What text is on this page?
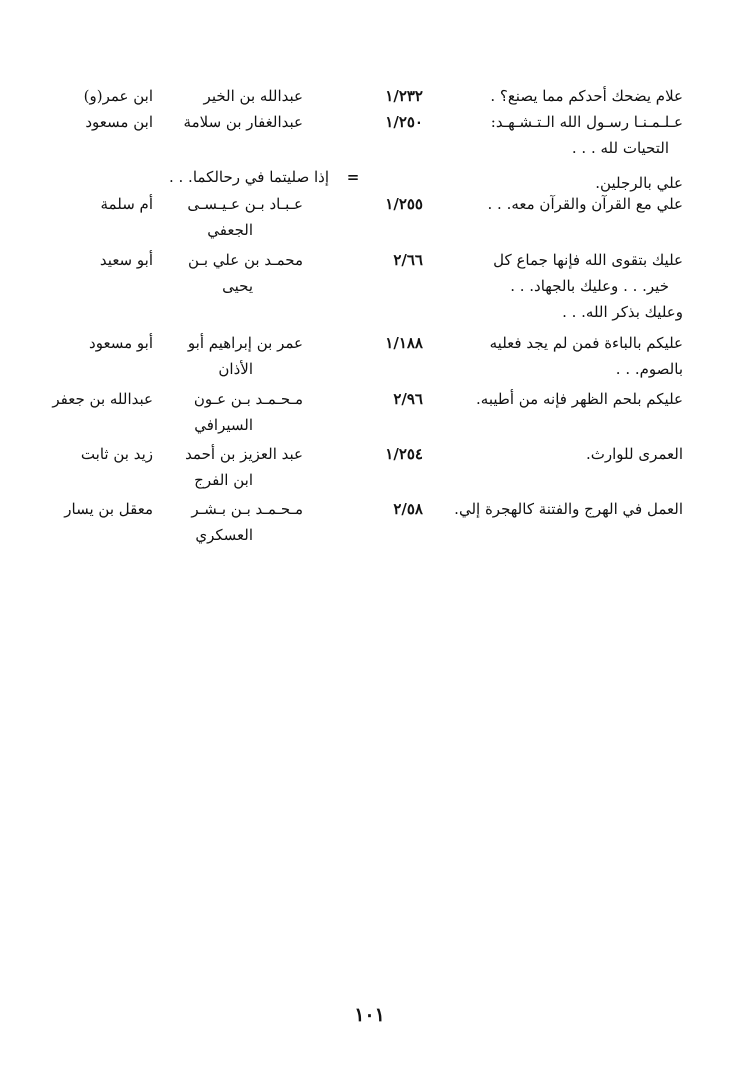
علام يضحك أحدكم مما يصنع؟ .
١/٢٣٢
عبدالله بن الخير
ابن عمر(و)
عـلـمـنـا رسـول الله الـتـشـهـد:
التحيات لله . . .
١/٢٥٠
عبدالغفار بن سلامة
ابن مسعود
علي بالرجلين.
=
إذا صليتما في رحالكما. . .
علي مع القرآن والقرآن معه. . .
١/٢٥٥
عـبـاد بـن عـيـسـى
الجعفي
أم سلمة
عليك بتقوى الله فإنها جماع كل
خير. . . وعليك بالجهاد. . .
وعليك بذكر الله. . .
٢/٦٦
محمـد بن علي بـن
يحيى
أبو سعيد
عليكم بالباءة فمن لم يجد فعليه
بالصوم. . .
١/١٨٨
عمر بن إبراهيم أبو
الأذان
أبو مسعود
عليكم بلحم الظهر فإنه من أطيبه.
٢/٩٦
مـحـمـد بـن عـون
السيرافي
عبدالله بن جعفر
العمرى للوارث.
١/٢٥٤
عبد العزيز بن أحمد
ابن الفرج
زيد بن ثابت
العمل في الهرج والفتنة كالهجرة إلي.
٢/٥٨
مـحـمـد بـن بـشـر
العسكري
معقل بن يسار
١٠١
